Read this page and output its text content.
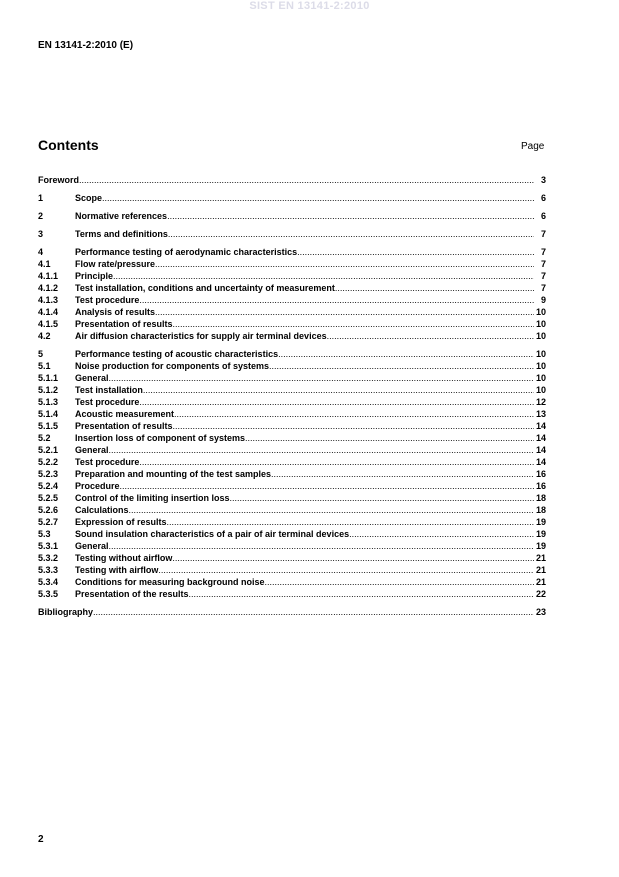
SIST EN 13141-2:2010
EN 13141-2:2010 (E)
Contents	Page
Foreword .....	3
1	Scope .....	6
2	Normative references .....	6
3	Terms and definitions .....	7
4	Performance testing of aerodynamic characteristics .....	7
4.1	Flow rate/pressure .....	7
4.1.1 Principle .....	7
4.1.2 Test installation, conditions and uncertainty of measurement .....	7
4.1.3 Test procedure .....	9
4.1.4 Analysis of results .....	10
4.1.5 Presentation of results .....	10
4.2	Air diffusion characteristics for supply air terminal devices .....	10
5	Performance testing of acoustic characteristics .....	10
5.1	Noise production for components of systems .....	10
5.1.1 General .....	10
5.1.2 Test installation .....	10
5.1.3 Test procedure .....	12
5.1.4 Acoustic measurement .....	13
5.1.5 Presentation of results .....	14
5.2	Insertion loss of component of systems .....	14
5.2.1 General .....	14
5.2.2 Test procedure .....	14
5.2.3 Preparation and mounting of the test samples .....	16
5.2.4 Procedure .....	16
5.2.5 Control of the limiting insertion loss .....	18
5.2.6 Calculations .....	18
5.2.7 Expression of results .....	19
5.3	Sound insulation characteristics of a pair of air terminal devices .....	19
5.3.1 General .....	19
5.3.2 Testing without airflow .....	21
5.3.3 Testing with airflow .....	21
5.3.4 Conditions for measuring background noise .....	21
5.3.5 Presentation of the results .....	22
Bibliography .....	23
2
